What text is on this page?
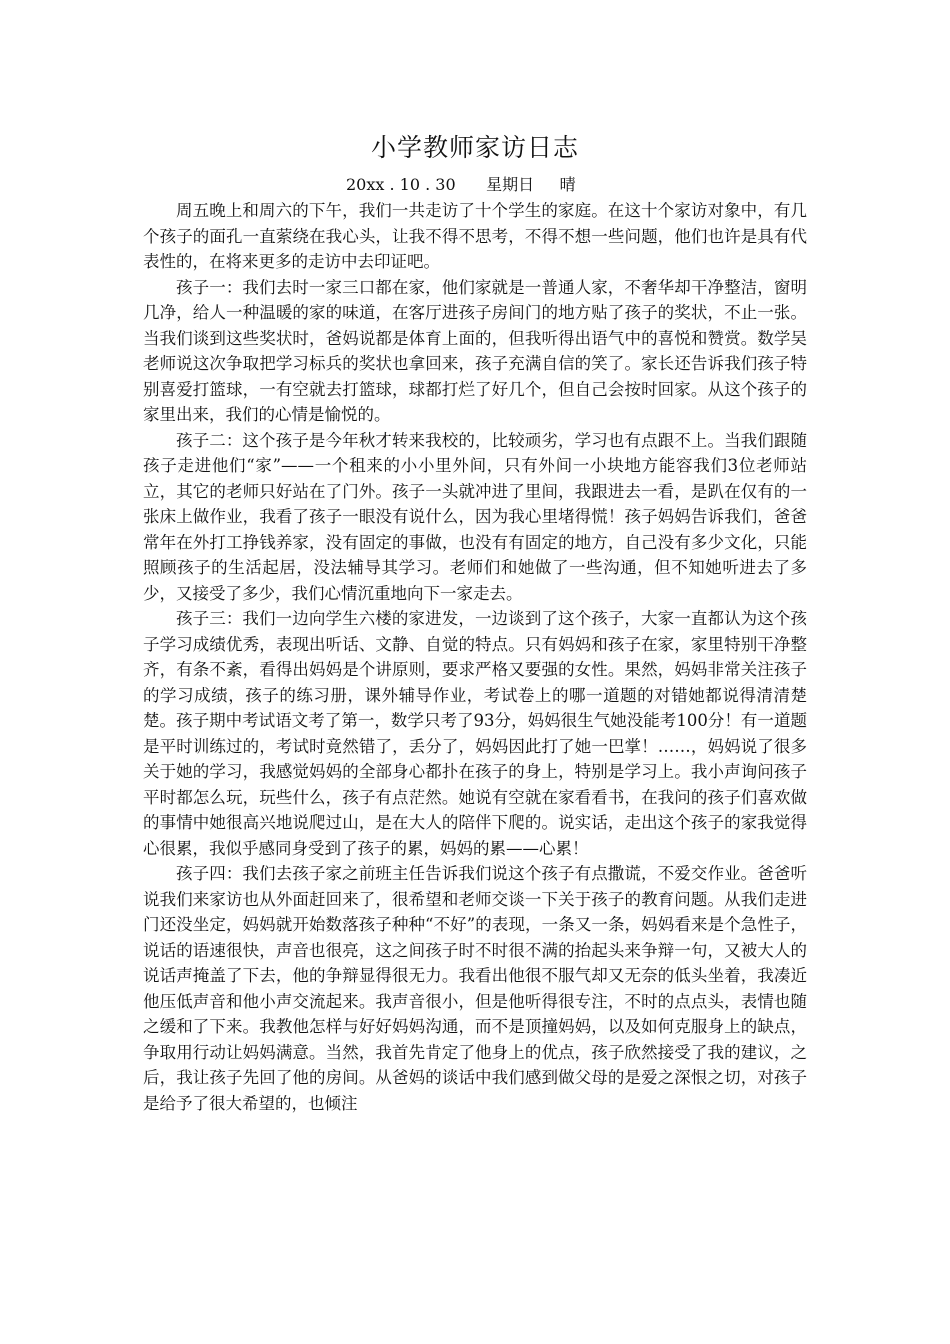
小学教师家访日志

20xx . 10 . 30      星期日     晴

周五晚上和周六的下午，我们一共走访了十个学生的家庭。在这十个家访对象中，有几个孩子的面孔一直萦绕在我心头，让我不得不思考，不得不想一些问题，他们也许是具有代表性的，在将来更多的走访中去印证吧。

孩子一：我们去时一家三口都在家，他们家就是一普通人家，不奢华却干净整洁，窗明几净，给人一种温暖的家的味道，在客厅进孩子房间门的地方贴了孩子的奖状，不止一张。当我们谈到这些奖状时，爸妈说都是体育上面的，但我听得出语气中的喜悦和赞赏。数学吴老师说这次争取把学习标兵的奖状也拿回来，孩子充满自信的笑了。家长还告诉我们孩子特别喜爱打篮球，一有空就去打篮球，球都打烂了好几个，但自己会按时回家。从这个孩子的家里出来，我们的心情是愉悦的。

孩子二：这个孩子是今年秋才转来我校的，比较顽劣，学习也有点跟不上。当我们跟随孩子走进他们“家”——一个租来的小小里外间，只有外间一小块地方能容我们3位老师站立，其它的老师只好站在了门外。孩子一头就冲进了里间，我跟进去一看，是趴在仅有的一张床上做作业，我看了孩子一眼没有说什么，因为我心里堵得慌！孩子妈妈告诉我们，爸爸常年在外打工挣钱养家，没有固定的事做，也没有有固定的地方，自己没有多少文化，只能照顾孩子的生活起居，没法辅导其学习。老师们和她做了一些沟通，但不知她听进去了多少，又接受了多少，我们心情沉重地向下一家走去。

孩子三：我们一边向学生六楼的家进发，一边谈到了这个孩子，大家一直都认为这个孩子学习成绩优秀，表现出听话、文静、自觉的特点。只有妈妈和孩子在家，家里特别干净整齐，有条不紊，看得出妈妈是个讲原则，要求严格又要强的女性。果然，妈妈非常关注孩子的学习成绩，孩子的练习册，课外辅导作业，考试卷上的哪一道题的对错她都说得清清楚楚。孩子期中考试语文考了第一，数学只考了93分，妈妈很生气她没能考100分！有一道题是平时训练过的，考试时竟然错了，丢分了，妈妈因此打了她一巴掌！……，妈妈说了很多关于她的学习，我感觉妈妈的全部身心都扑在孩子的身上，特别是学习上。我小声询问孩子平时都怎么玩，玩些什么，孩子有点茫然。她说有空就在家看看书，在我问的孩子们喜欢做的事情中她很高兴地说爬过山，是在大人的陪伴下爬的。说实话，走出这个孩子的家我觉得心很累，我似乎感同身受到了孩子的累，妈妈的累——心累！

孩子四：我们去孩子家之前班主任告诉我们说这个孩子有点撒谎，不爱交作业。爸爸听说我们来家访也从外面赶回来了，很希望和老师交谈一下关于孩子的教育问题。从我们走进门还没坐定，妈妈就开始数落孩子种种“不好”的表现，一条又一条，妈妈看来是个急性子，说话的语速很快，声音也很亮，这之间孩子时不时很不满的抬起头来争辩一句，又被大人的说话声掩盖了下去，他的争辩显得很无力。我看出他很不服气却又无奈的低头坐着，我凑近他压低声音和他小声交流起来。我声音很小，但是他听得很专注，不时的点点头，表情也随之缓和了下来。我教他怎样与好好妈妈沟通，而不是顶撞妈妈，以及如何克服身上的缺点，争取用行动让妈妈满意。当然，我首先肯定了他身上的优点，孩子欣然接受了我的建议，之后，我让孩子先回了他的房间。从爸妈的谈话中我们感到做父母的是爱之深恨之切，对孩子是给予了很大希望的，也倾注
